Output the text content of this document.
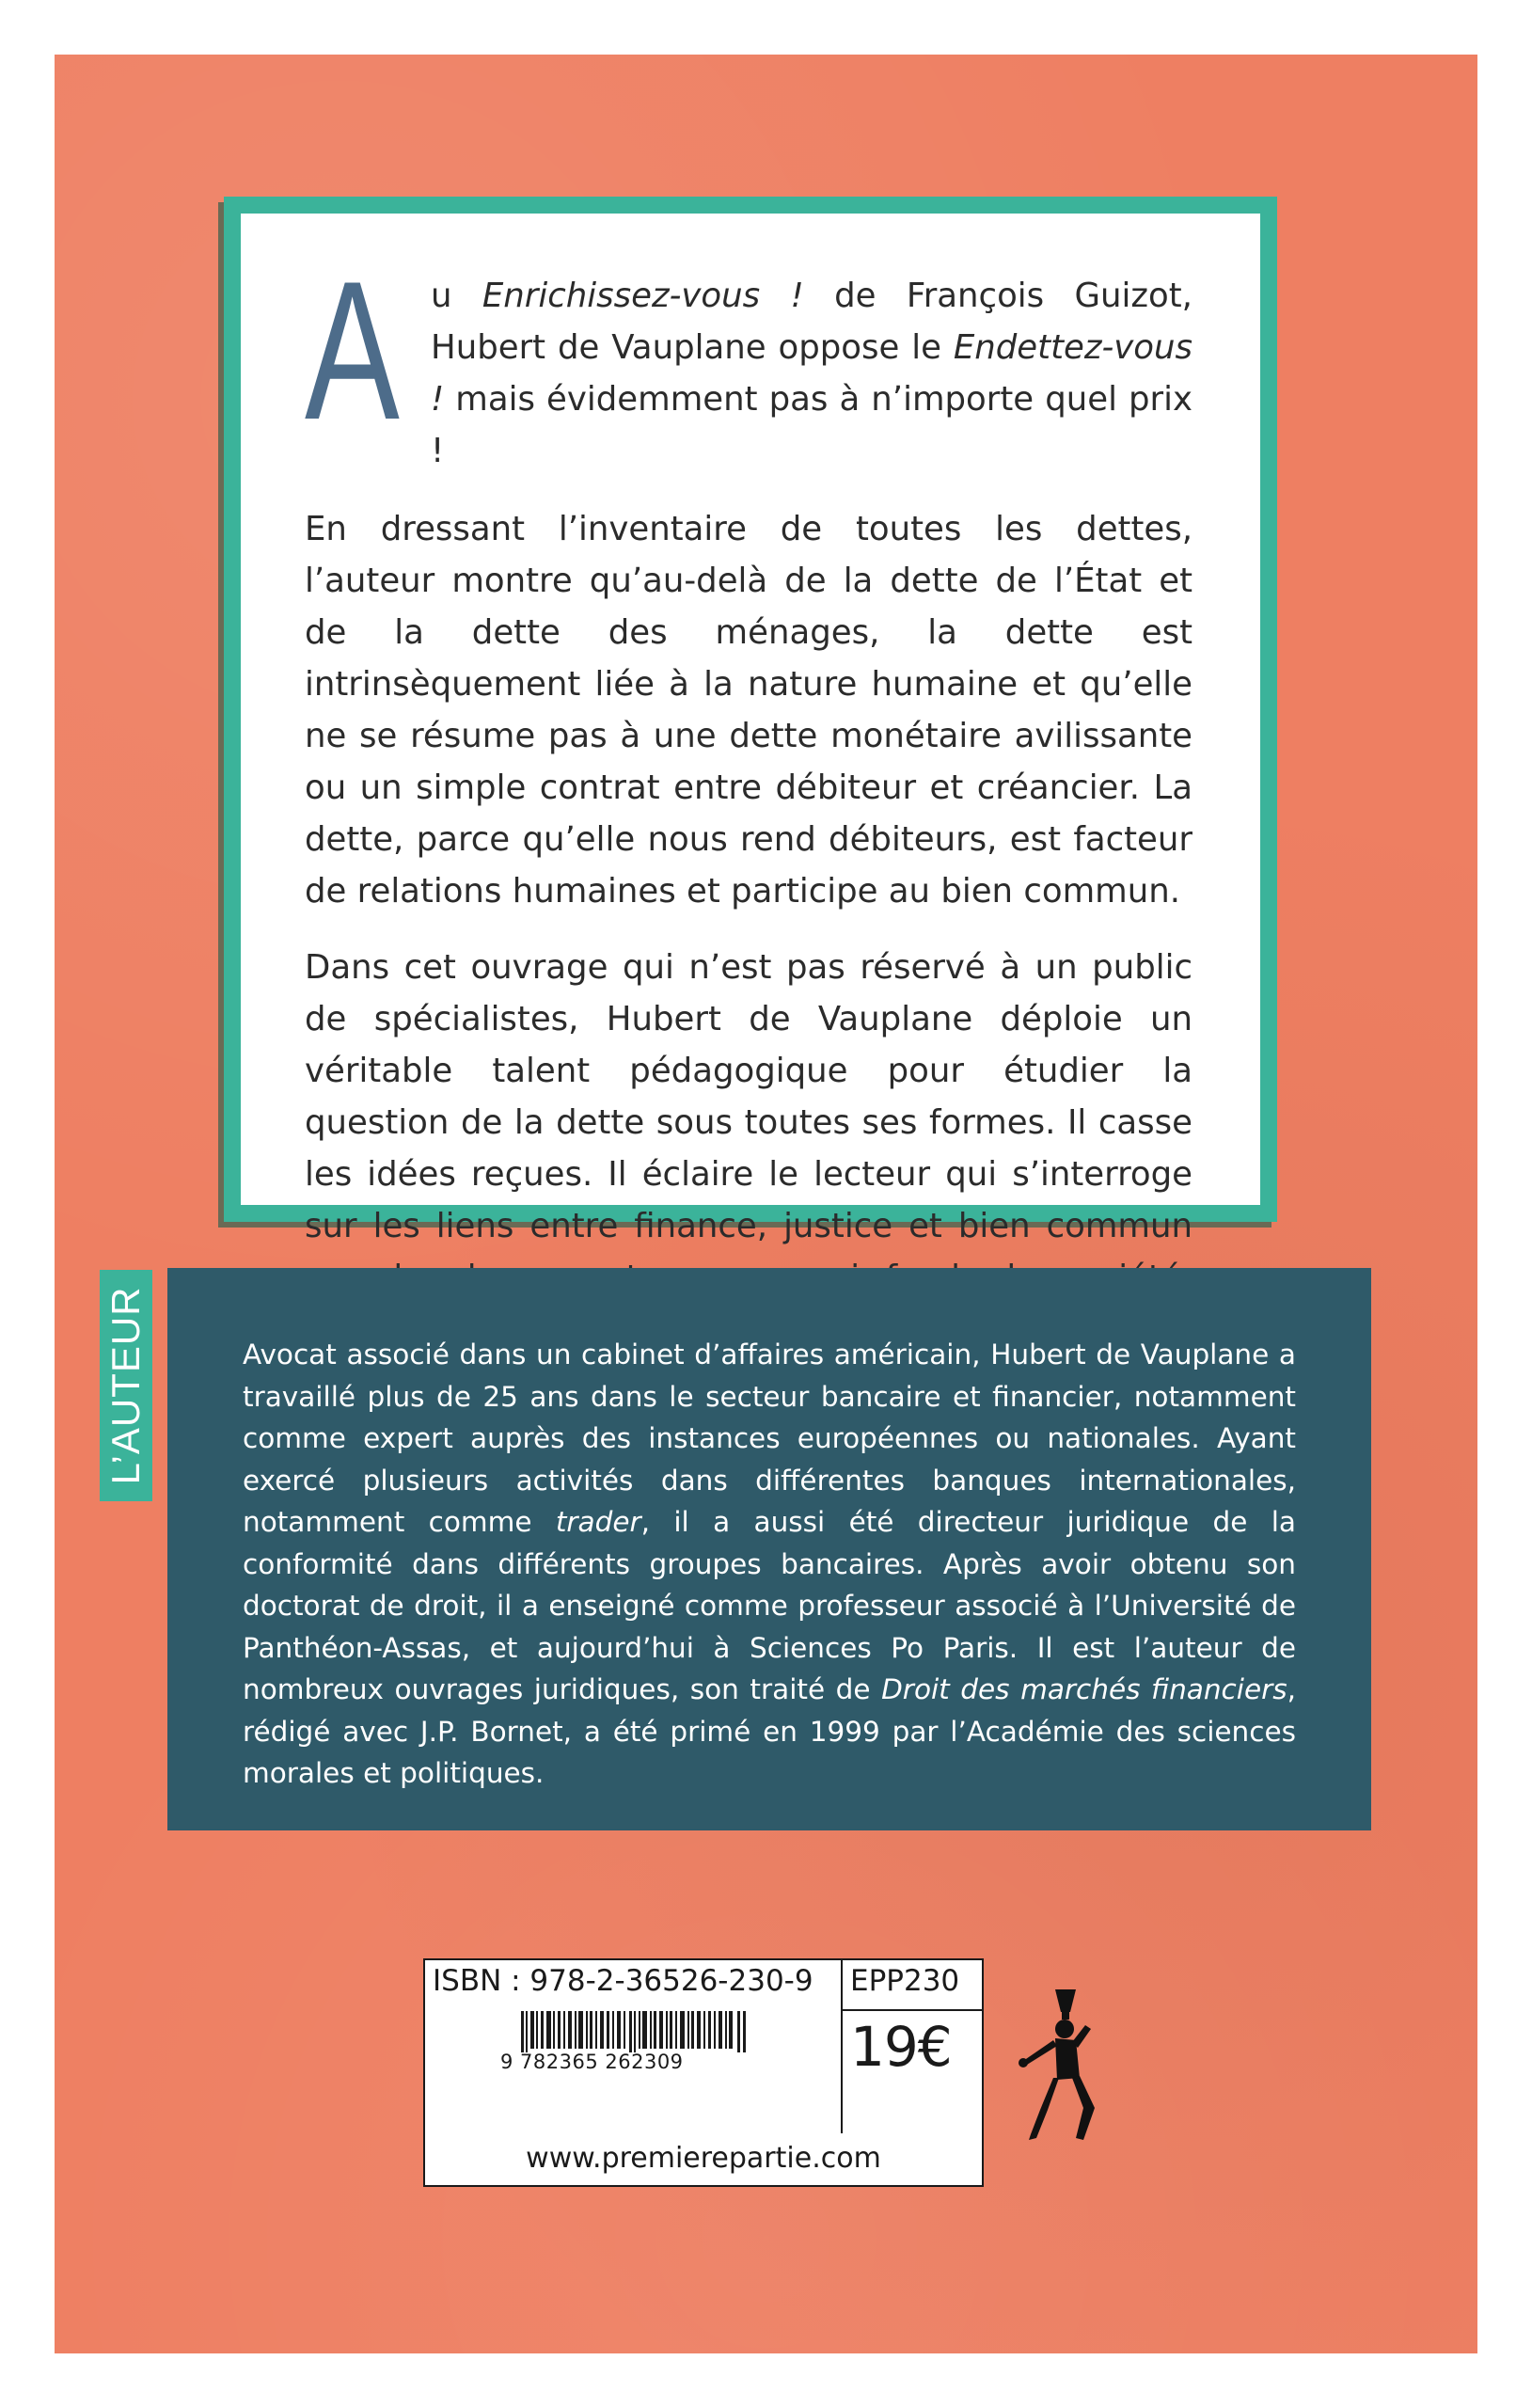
Au Enrichissez-vous ! de François Guizot, Hubert de Vauplane oppose le Endettez-vous ! mais évidemment pas à n’importe quel prix !

En dressant l’inventaire de toutes les dettes, l’auteur montre qu’au-delà de la dette de l’État et de la dette des ménages, la dette est intrinsèquement liée à la nature humaine et qu’elle ne se résume pas à une dette monétaire avilissante ou un simple contrat entre débiteur et créancier. La dette, parce qu’elle nous rend débiteurs, est facteur de relations humaines et participe au bien commun.

Dans cet ouvrage qui n’est pas réservé à un public de spécialistes, Hubert de Vauplane déploie un véritable talent pédagogique pour étudier la question de la dette sous toutes ses formes. Il casse les idées reçues. Il éclaire le lecteur qui s’interroge sur les liens entre finance, justice et bien commun

L’AUTEUR	Avocat associé dans un cabinet d’affaires américain, Hubert de Vauplane a travaillé plus de 25 ans dans le secteur bancaire et financier, notamment comme expert auprès des instances européennes ou nationales. Ayant exercé plusieurs activités dans différentes banques internationales, notamment comme trader, il a aussi été directeur juridique de la conformité dans différents groupes bancaires. Après avoir obtenu son doctorat de droit, il a enseigné comme professeur associé à l’Université de Panthéon-Assas, et aujourd’hui à Sciences Po Paris. Il est l’auteur de nombreux ouvrages juridiques, son traité de Droit des marchés financiers, rédigé avec J.P. Bornet, a été primé en 1999 par l’Académie des sciences morales et politiques.
ISBN : 978-2-36526-230-9 EPP230
19€
9 782365 262309
www.premierepartie.com
